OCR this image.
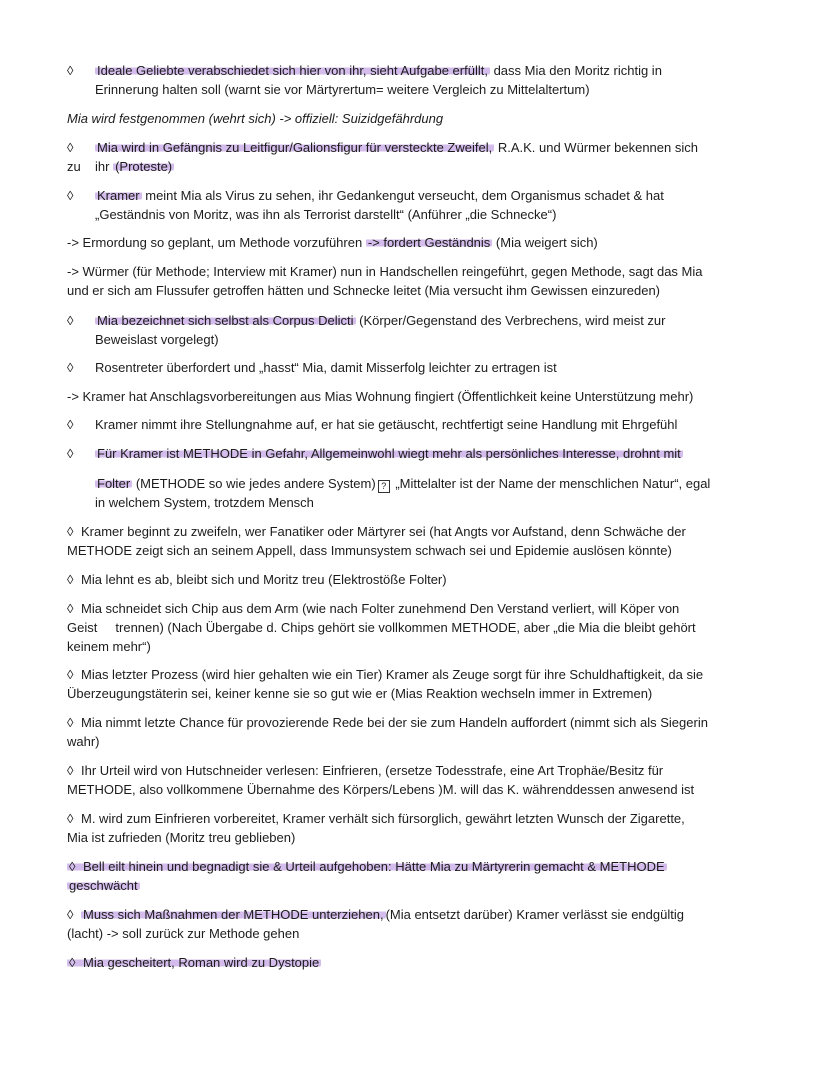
◊ Ideale Geliebte verabschiedet sich hier von ihr, sieht Aufgabe erfüllt, dass Mia den Moritz richtig in
Erinnerung halten soll (warnt sie vor Märtyrertum= weitere Vergleich zu Mittelaltertum)
Mia wird festgenommen (wehrt sich) -> offiziell: Suizidgefährdung
◊ Mia wird in Gefängnis zu Leitfigur/Galionsfigur für versteckte Zweifel, R.A.K. und Würmer bekennen sich
zu ihr (Proteste)
◊ Kramer meint Mia als Virus zu sehen, ihr Gedankengut verseucht, dem Organismus schadet & hat
„Geständnis von Moritz, was ihn als Terrorist darstellt“ (Anführer „die Schnecke“)
-> Ermordung so geplant, um Methode vorzuführen -> fordert Geständnis (Mia weigert sich)
-> Würmer (für Methode; Interview mit Kramer) nun in Handschellen reingeführt, gegen Methode, sagt das Mia
und er sich am Flussufer getroffen hätten und Schnecke leitet (Mia versucht ihm Gewissen einzureden)
◊ Mia bezeichnet sich selbst als Corpus Delicti (Körper/Gegenstand des Verbrechens, wird meist zur
Beweislast vorgelegt)
◊ Rosentreter überfordert und „hasst“ Mia, damit Misserfolg leichter zu ertragen ist
-> Kramer hat Anschlagsvorbereitungen aus Mias Wohnung fingiert (Öffentlichkeit keine Unterstützung mehr)
◊ Kramer nimmt ihre Stellungnahme auf, er hat sie getäuscht, rechtfertigt seine Handlung mit Ehrgefühl
◊ Für Kramer ist METHODE in Gefahr, Allgemeinwohl wiegt mehr als persönliches Interesse, drohnt mit
Folter (METHODE so wie jedes andere System) ? „Mittelalter ist der Name der menschlichen Natur“, egal
in welchem System, trotzdem Mensch
◊ Kramer beginnt zu zweifeln, wer Fanatiker oder Märtyrer sei (hat Angts vor Aufstand, denn Schwäche der
METHODE zeigt sich an seinem Appell, dass Immunsystem schwach sei und Epidemie auslösen könnte)
◊ Mia lehnt es ab, bleibt sich und Moritz treu (Elektrostöße Folter)
◊ Mia schneidet sich Chip aus dem Arm (wie nach Folter zunehmend Den Verstand verliert, will Köper von
Geist     trennen) (Nach Übergabe d. Chips gehört sie vollkommen METHODE, aber „die Mia die bleibt gehört
keinem mehr“)
◊ Mias letzter Prozess (wird hier gehalten wie ein Tier) Kramer als Zeuge sorgt für ihre Schuldhaftigkeit, da sie
Überzeugungstäterin sei, keiner kenne sie so gut wie er (Mias Reaktion wechseln immer in Extremen)
◊ Mia nimmt letzte Chance für provozierende Rede bei der sie zum Handeln auffordert (nimmt sich als Siegerin
wahr)
◊ Ihr Urteil wird von Hutschneider verlesen: Einfrieren, (ersetze Todesstrafe, eine Art Trophäe/Besitz für
METHODE, also vollkommene Übernahme des Körpers/Lebens )M. will das K. währenddessen anwesend ist
◊ M. wird zum Einfrieren vorbereitet, Kramer verhält sich fürsorglich, gewährt letzten Wunsch der Zigarette,
Mia ist zufrieden (Moritz treu geblieben)
◊ Bell eilt hinein und begnadigt sie & Urteil aufgehoben: Hätte Mia zu Märtyrerin gemacht & METHODE
geschwächt
◊ Muss sich Maßnahmen der METHODE unterziehen, (Mia entsetzt darüber) Kramer verlässt sie endgültig
(lacht) -> soll zurück zur Methode gehen
◊ Mia gescheitert, Roman wird zu Dystopie
